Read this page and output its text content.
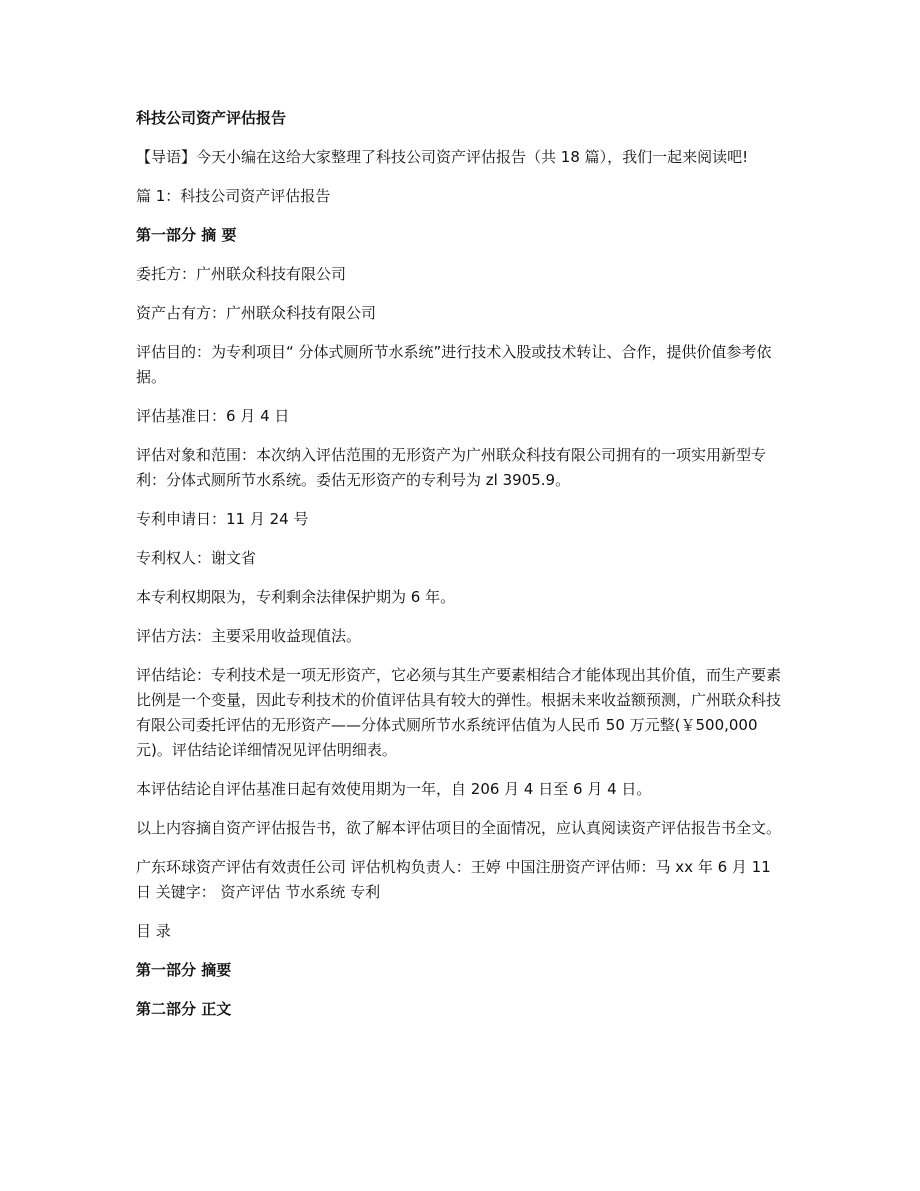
科技公司资产评估报告

【导语】今天小编在这给大家整理了科技公司资产评估报告（共 18 篇），我们一起来阅读吧!

篇 1：科技公司资产评估报告

第一部分 摘 要

委托方：广州联众科技有限公司

资产占有方：广州联众科技有限公司

评估目的：为专利项目“ 分体式厕所节水系统”进行技术入股或技术转让、合作，提供价值参考依据。

评估基准日：6 月 4 日

评估对象和范围：本次纳入评估范围的无形资产为广州联众科技有限公司拥有的一项实用新型专利：分体式厕所节水系统。委估无形资产的专利号为 zl 3905.9。

专利申请日：11 月 24 号

专利权人：谢文省

本专利权期限为，专利剩余法律保护期为 6 年。

评估方法：主要采用收益现值法。

评估结论：专利技术是一项无形资产，它必须与其生产要素相结合才能体现出其价值，而生产要素比例是一个变量，因此专利技术的价值评估具有较大的弹性。根据未来收益额预测，广州联众科技有限公司委托评估的无形资产——分体式厕所节水系统评估值为人民币 50 万元整(￥500,000 元)。评估结论详细情况见评估明细表。

本评估结论自评估基准日起有效使用期为一年，自 206 月 4 日至 6 月 4 日。

以上内容摘自资产评估报告书，欲了解本评估项目的全面情况，应认真阅读资产评估报告书全文。

广东环球资产评估有效责任公司 评估机构负责人：王婷 中国注册资产评估师：马 xx 年 6 月 11 日 关键字： 资产评估 节水系统 专利

目 录

第一部分 摘要

第二部分 正文
